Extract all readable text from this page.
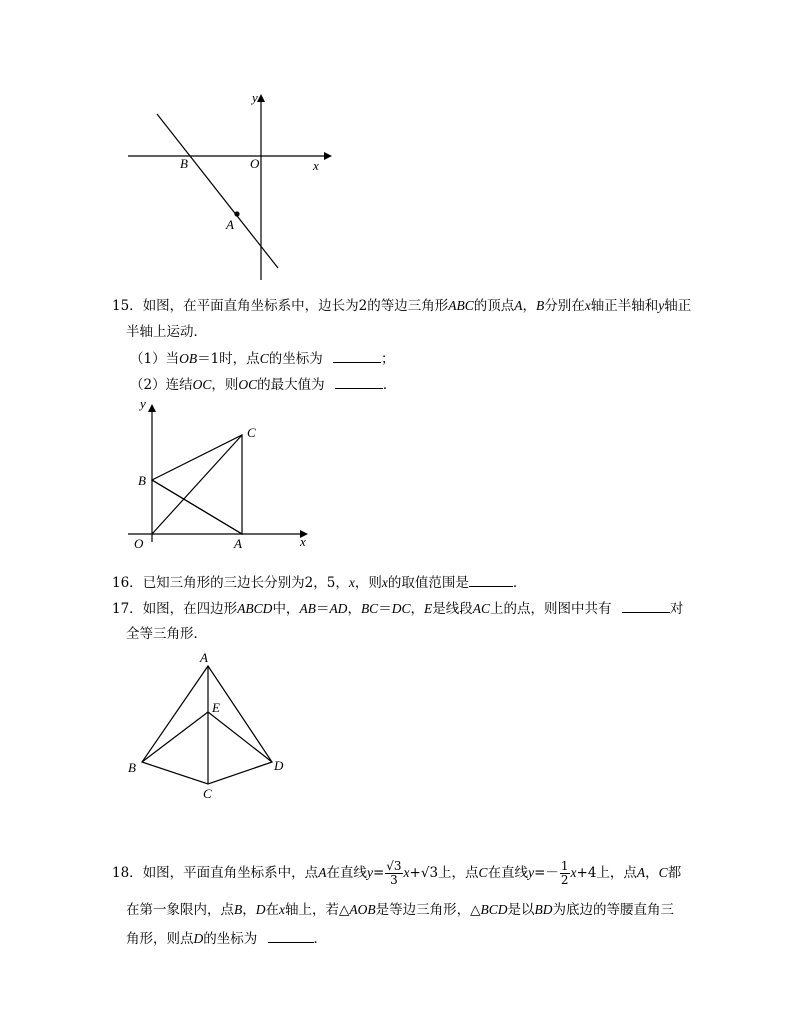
y
x
O
B
A
15．如图，在平面直角坐标系中，边长为2的等边三角形ABC的顶点A，B分别在x轴正半轴和y轴正
半轴上运动．
（1）当OB＝1时，点C的坐标为	；
（2）连结OC，则OC的最大值为	．
y
x
O	A
B
C
16．已知三角形的三边长分别为2，5，x，则x的取值范围是	．
17．如图，在四边形ABCD中，AB＝AD，BC＝DC，E是线段AC上的点，则图中共有	对
全等三角形．
A
B
C
D
E
18．如图，平面直角坐标系中，点A在直线$y= \frac{√3}{3} x+√3$上，点C在直线$y=- \frac{1}{2} x+4$上，点A，C都
在第一象限内，点B，D在x轴上，若△AOB是等边三角形，△BCD是以BD为底边的等腰直角三
角形，则点D的坐标为	．
